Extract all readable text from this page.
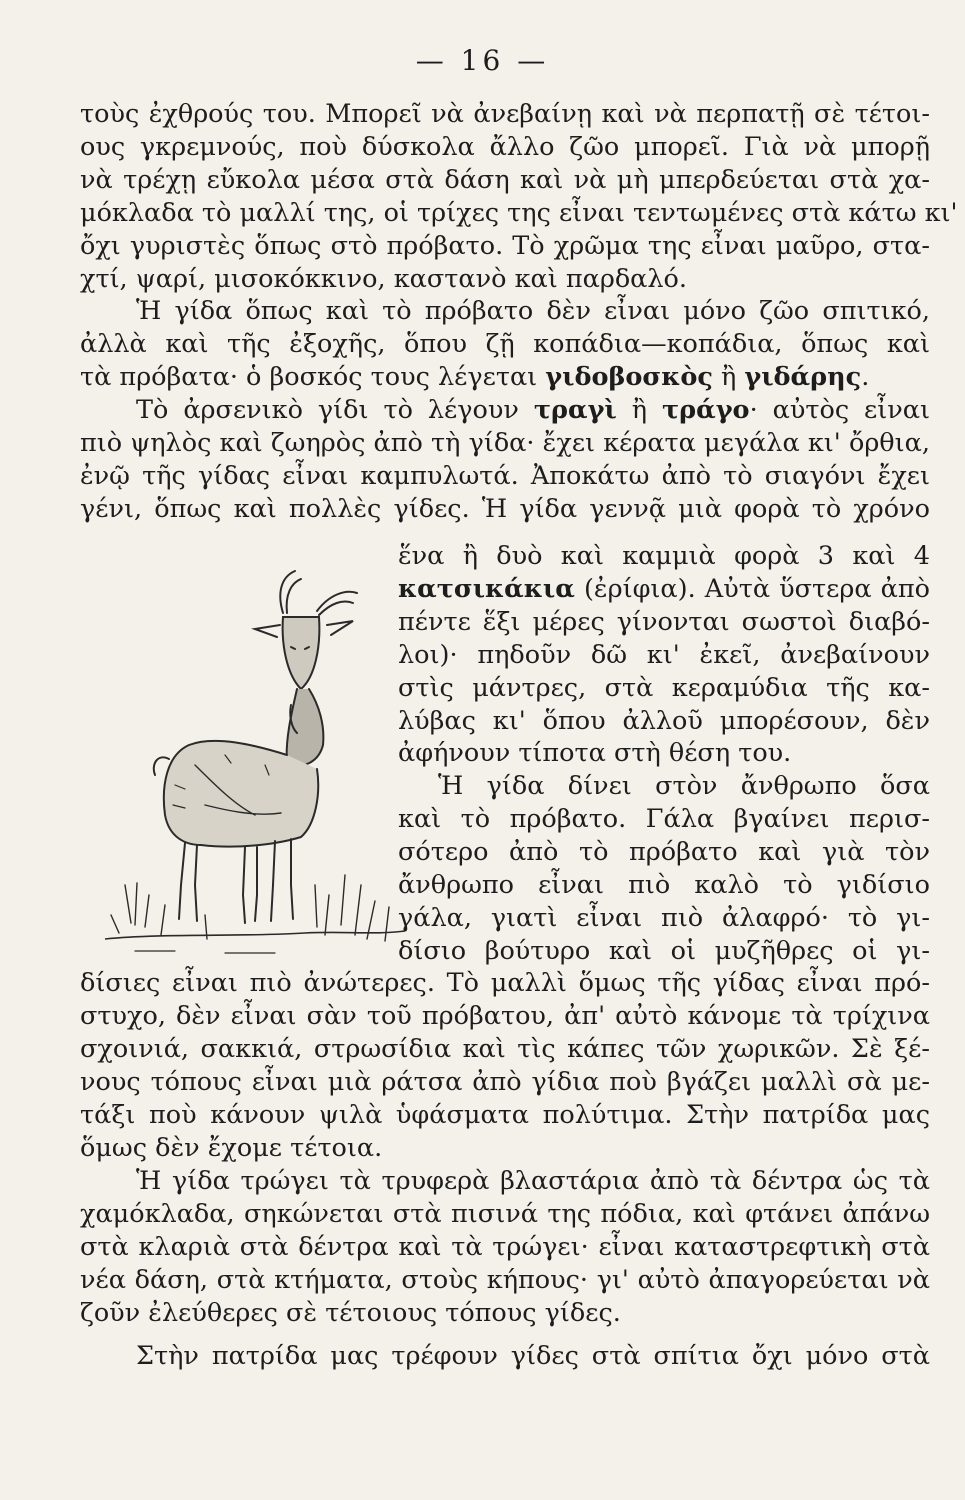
— 16 —
τοὺς ἐχθρούς του. Μπορεῖ νὰ ἀνεβαίνῃ καὶ νὰ περπατῇ σὲ τέτοι-
ους γκρεμνούς, ποὺ δύσκολα ἄλλο ζῶο μπορεῖ. Γιὰ νὰ μπορῇ
νὰ τρέχῃ εὔκολα μέσα στὰ δάση καὶ νὰ μὴ μπερδεύεται στὰ χα-
μόκλαδα τὸ μαλλί της, οἱ τρίχες της εἶναι τεντωμένες στὰ κάτω κι'
ὄχι γυριστὲς ὅπως στὸ πρόβατο. Τὸ χρῶμα της εἶναι μαῦρο, στα-
χτί, ψαρί, μισοκόκκινο, καστανὸ καὶ παρδαλό.
Ἡ γίδα ὅπως καὶ τὸ πρόβατο δὲν εἶναι μόνο ζῶο σπιτικό,
ἀλλὰ καὶ τῆς ἐξοχῆς, ὅπου ζῇ κοπάδια—κοπάδια, ὅπως καὶ
τὰ πρόβατα· ὁ βοσκός τους λέγεται γιδοβοσκὸς ἢ γιδάρης.
Τὸ ἀρσενικὸ γίδι τὸ λέγουν τραγὶ ἢ τράγο· αὐτὸς εἶναι
πιὸ ψηλὸς καὶ ζωηρὸς ἀπὸ τὴ γίδα· ἔχει κέρατα μεγάλα κι' ὄρθια,
ἐνῷ τῆς γίδας εἶναι καμπυλωτά. Ἀποκάτω ἀπὸ τὸ σιαγόνι ἔχει
γένι, ὅπως καὶ πολλὲς γίδες. Ἡ γίδα γεννᾷ μιὰ φορὰ τὸ χρόνο
ἕνα ἢ δυὸ καὶ καμμιὰ φορὰ 3 καὶ 4
κατσικάκια (ἐρίφια). Αὐτὰ ὕστερα ἀπὸ
πέντε ἕξι μέρες γίνονται σωστοὶ διαβό-
λοι)· πηδοῦν δῶ κι' ἐκεῖ, ἀνεβαίνουν
στὶς μάντρες, στὰ κεραμύδια τῆς κα-
λύβας κι' ὅπου ἀλλοῦ μπορέσουν, δὲν
ἀφήνουν τίποτα στὴ θέση του.
Ἡ γίδα δίνει στὸν ἄνθρωπο ὅσα
καὶ τὸ πρόβατο. Γάλα βγαίνει περισ-
σότερο ἀπὸ τὸ πρόβατο καὶ γιὰ τὸν
ἄνθρωπο εἶναι πιὸ καλὸ τὸ γιδίσιο
γάλα, γιατὶ εἶναι πιὸ ἀλαφρό· τὸ γι-
δίσιο βούτυρο καὶ οἱ μυζῆθρες οἱ γι-
δίσιες εἶναι πιὸ ἀνώτερες. Τὸ μαλλὶ ὅμως τῆς γίδας εἶναι πρό-
στυχο, δὲν εἶναι σὰν τοῦ πρόβατου, ἀπ' αὐτὸ κάνομε τὰ τρίχινα
σχοινιά, σακκιά, στρωσίδια καὶ τὶς κάπες τῶν χωρικῶν. Σὲ ξέ-
νους τόπους εἶναι μιὰ ράτσα ἀπὸ γίδια ποὺ βγάζει μαλλὶ σὰ με-
τάξι ποὺ κάνουν ψιλὰ ὑφάσματα πολύτιμα. Στὴν πατρίδα μας
ὅμως δὲν ἔχομε τέτοια.
Ἡ γίδα τρώγει τὰ τρυφερὰ βλαστάρια ἀπὸ τὰ δέντρα ὡς τὰ
χαμόκλαδα, σηκώνεται στὰ πισινά της πόδια, καὶ φτάνει ἀπάνω
στὰ κλαριὰ στὰ δέντρα καὶ τὰ τρώγει· εἶναι καταστρεφτικὴ στὰ
νέα δάση, στὰ κτήματα, στοὺς κήπους· γι' αὐτὸ ἀπαγορεύεται νὰ
ζοῦν ἐλεύθερες σὲ τέτοιους τόπους γίδες.
Στὴν πατρίδα μας τρέφουν γίδες στὰ σπίτια ὄχι μόνο στὰ
